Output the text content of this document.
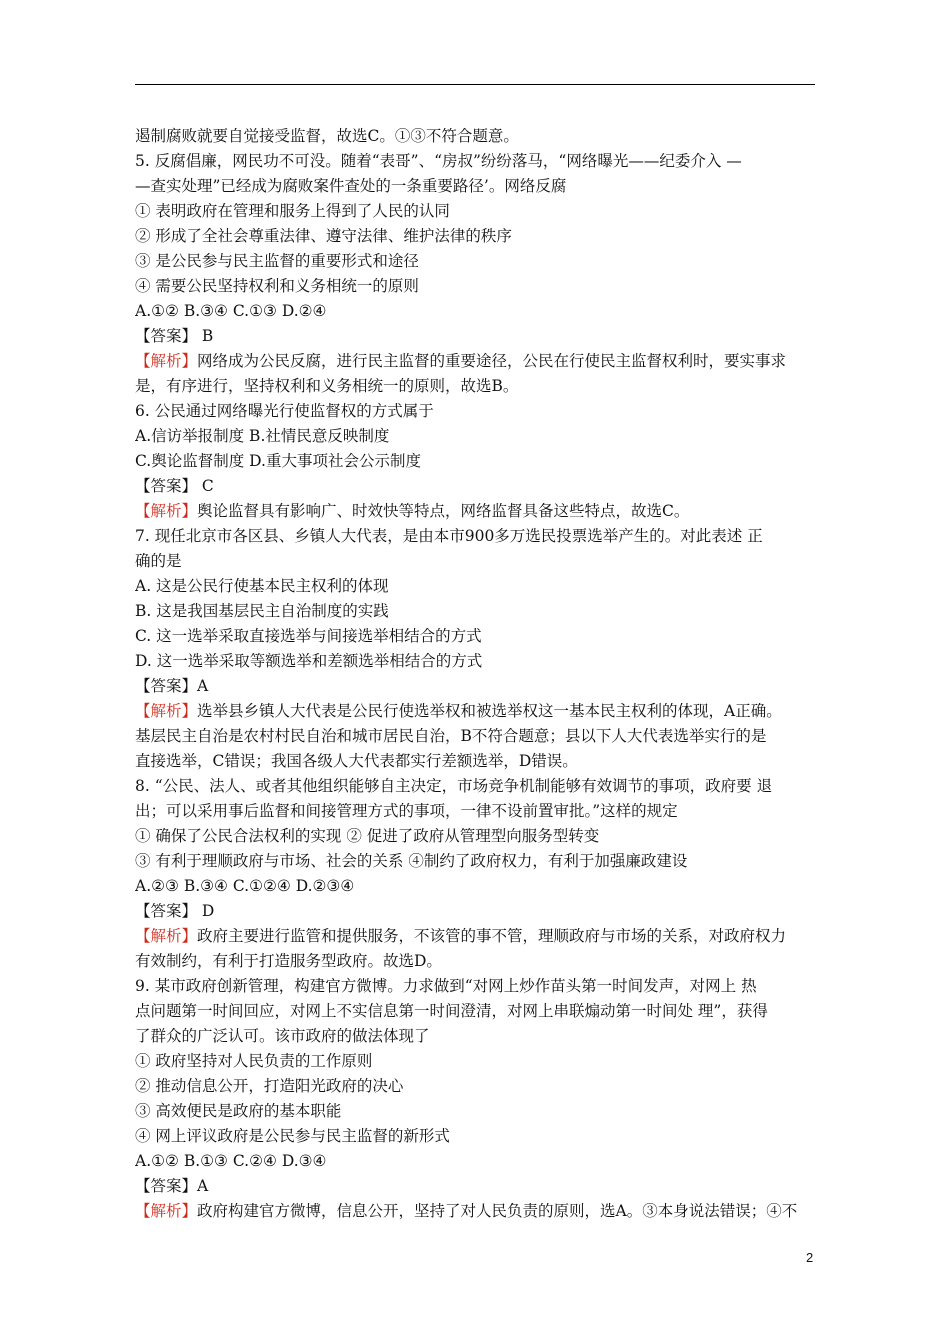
遏制腐败就要自觉接受监督，故选C。①③不符合题意。
5. 反腐倡廉，网民功不可没。随着“表哥”、“房叔”纷纷落马，“网络曝光——纪委介入 —
—查实处理”已经成为腐败案件查处的一条重要路径’。网络反腐
① 表明政府在管理和服务上得到了人民的认同
② 形成了全社会尊重法律、遵守法律、维护法律的秩序
③ 是公民参与民主监督的重要形式和途径
④ 需要公民坚持权利和义务相统一的原则
A.①② B.③④ C.①③ D.②④
【答案】 B
【解析】网络成为公民反腐，进行民主监督的重要途径，公民在行使民主监督权利时，要实事求
是，有序进行，坚持权利和义务相统一的原则，故选B。
6. 公民通过网络曝光行使监督权的方式属于
A.信访举报制度 B.社情民意反映制度
C.舆论监督制度 D.重大事项社会公示制度
【答案】 C
【解析】舆论监督具有影响广、时效快等特点，网络监督具备这些特点，故选C。
7. 现任北京市各区县、乡镇人大代表，是由本市900多万选民投票选举产生的。对此表述 正
确的是
A. 这是公民行使基本民主权利的体现
B. 这是我国基层民主自治制度的实践
C. 这一选举采取直接选举与间接选举相结合的方式
D. 这一选举采取等额选举和差额选举相结合的方式
【答案】A
【解析】选举县乡镇人大代表是公民行使选举权和被选举权这一基本民主权利的体现，A正确。
基层民主自治是农村村民自治和城市居民自治，B不符合题意；县以下人大代表选举实行的是
直接选举，C错误；我国各级人大代表都实行差额选举，D错误。
8. “公民、法人、或者其他组织能够自主决定，市场竞争机制能够有效调节的事项，政府要 退
出；可以采用事后监督和间接管理方式的事项，一律不设前置审批。”这样的规定
① 确保了公民合法权利的实现 ② 促进了政府从管理型向服务型转变
③ 有利于理顺政府与市场、社会的关系 ④制约了政府权力，有利于加强廉政建设
A.②③ B.③④ C.①②④ D.②③④
【答案】 D
【解析】政府主要进行监管和提供服务，不该管的事不管，理顺政府与市场的关系，对政府权力
有效制约，有利于打造服务型政府。故选D。
9. 某市政府创新管理，构建官方微博。力求做到“对网上炒作苗头第一时间发声，对网上 热
点问题第一时间回应，对网上不实信息第一时间澄清，对网上串联煽动第一时间处 理”，获得
了群众的广泛认可。该市政府的做法体现了
① 政府坚持对人民负责的工作原则
② 推动信息公开，打造阳光政府的决心
③ 高效便民是政府的基本职能
④ 网上评议政府是公民参与民主监督的新形式
A.①② B.①③ C.②④ D.③④
【答案】A
【解析】政府构建官方微博，信息公开，坚持了对人民负责的原则，选A。③本身说法错误；④不
2
